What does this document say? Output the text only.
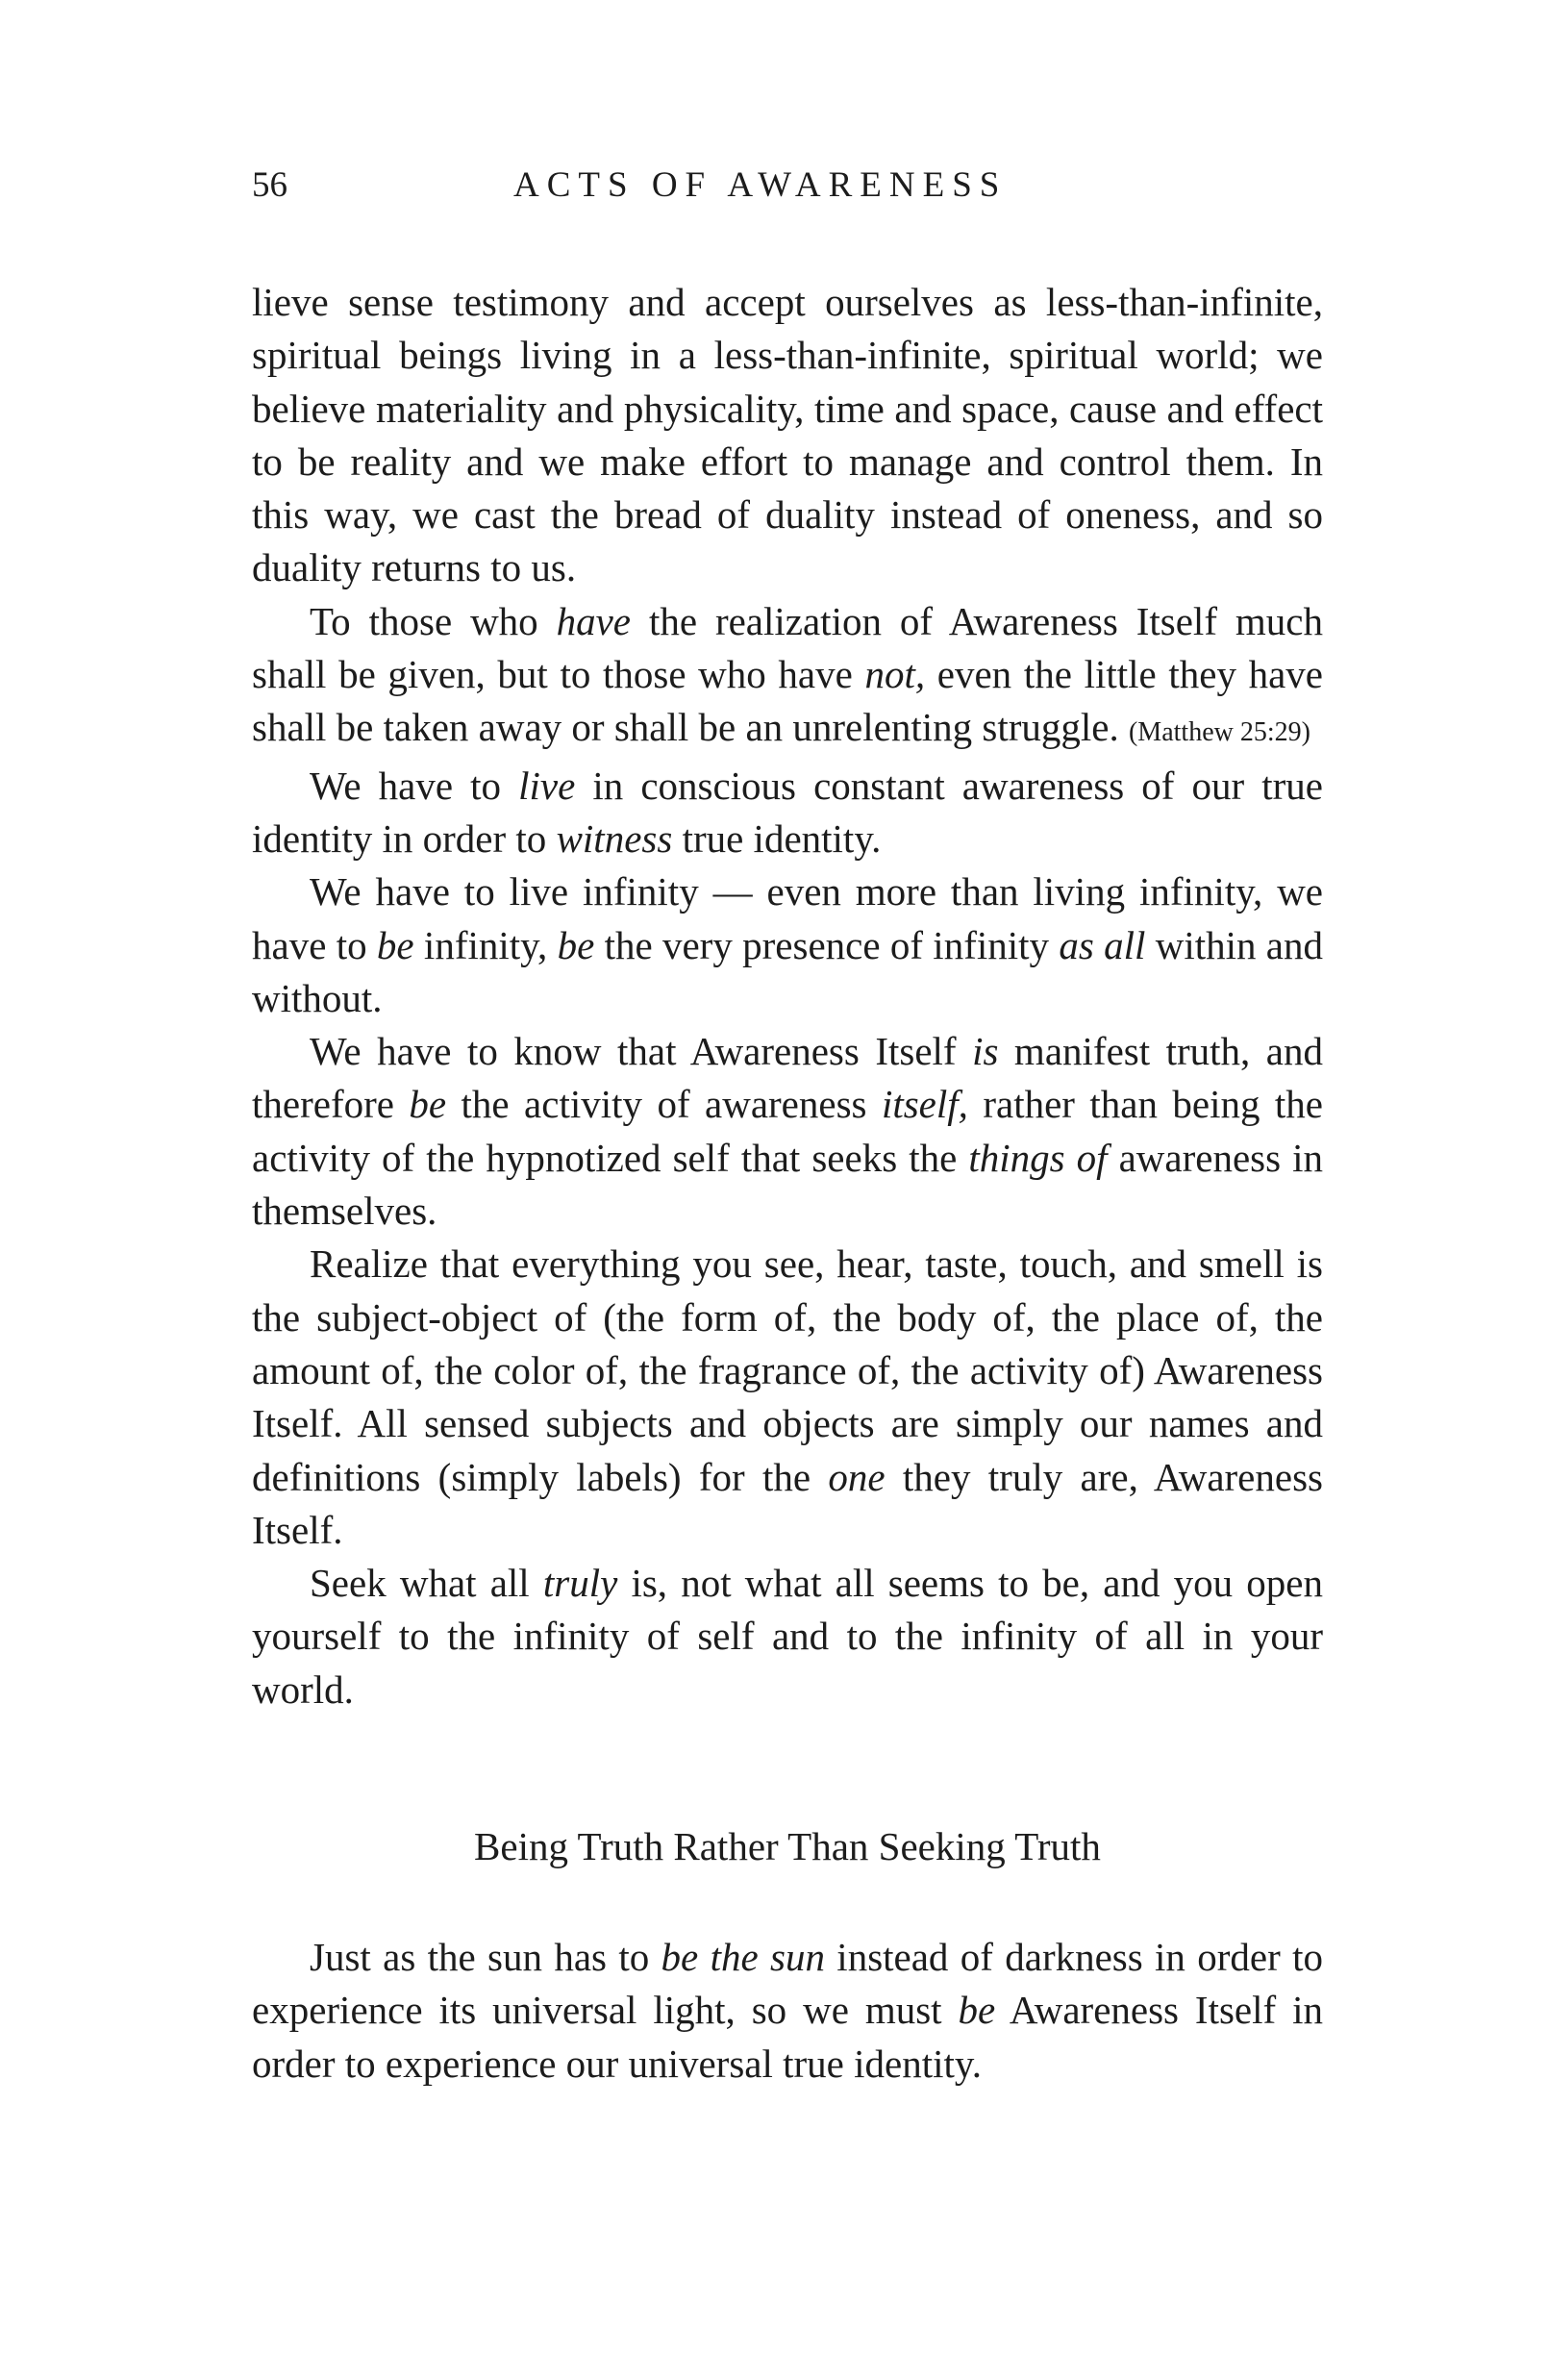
56	ACTS OF AWARENESS

lieve sense testimony and accept ourselves as less-than-infinite, spiritual beings living in a less-than-infinite, spiritual world; we believe materiality and physicality, time and space, cause and effect to be reality and we make effort to manage and control them. In this way, we cast the bread of duality instead of oneness, and so duality returns to us.

To those who have the realization of Awareness Itself much shall be given, but to those who have not, even the little they have shall be taken away or shall be an unrelenting struggle. (Matthew 25:29)

We have to live in conscious constant awareness of our true identity in order to witness true identity.

We have to live infinity — even more than living infinity, we have to be infinity, be the very presence of infinity as all within and without.

We have to know that Awareness Itself is manifest truth, and therefore be the activity of awareness itself, rather than being the activity of the hypnotized self that seeks the things of awareness in themselves.

Realize that everything you see, hear, taste, touch, and smell is the subject-object of (the form of, the body of, the place of, the amount of, the color of, the fragrance of, the activity of) Awareness Itself. All sensed subjects and objects are simply our names and definitions (simply labels) for the one they truly are, Awareness Itself.

Seek what all truly is, not what all seems to be, and you open yourself to the infinity of self and to the infinity of all in your world.

Being Truth Rather Than Seeking Truth

Just as the sun has to be the sun instead of darkness in order to experience its universal light, so we must be Awareness Itself in order to experience our universal true identity.
